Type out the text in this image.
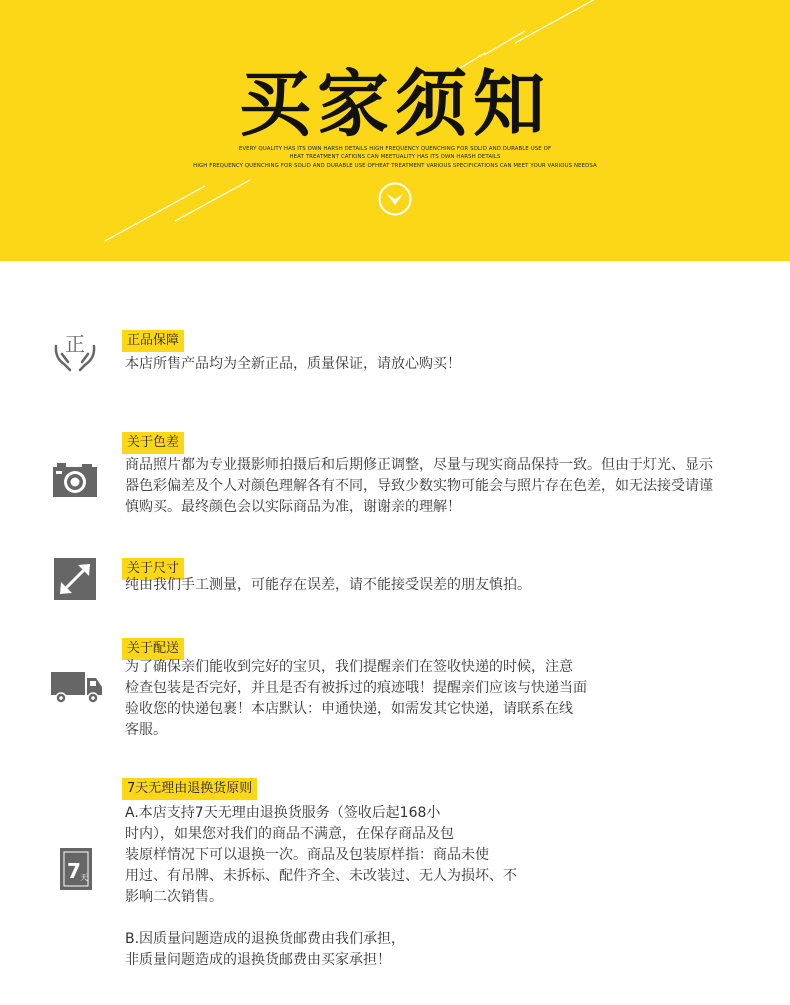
买家须知
EVERY QUALITY HAS ITS OWN HARSH DETAILS HIGH FREQUENCY QUENCHING FOR SOLID AND DURABLE USE OF
HEAT TREATMENT CATIONS CAN MEETUALITY HAS ITS OWN HARSH DETAILS
HIGH FREQUENCY QUENCHING FOR SOLID AND DURABLE USE OFHEAT TREATMENT VARIOUS SPECIFICATIONS CAN MEET YOUR VARIOUS NEEDSA
正	正品保障

本店所售产品均为全新正品，质量保证，请放心购买！

关于色差

商品照片都为专业摄影师拍摄后和后期修正调整，尽量与现实商品保持一致。但由于灯光、显示

器色彩偏差及个人对颜色理解各有不同，导致少数实物可能会与照片存在色差，如无法接受请谨

慎购买。最终颜色会以实际商品为准，谢谢亲的理解！

关于尺寸

纯由我们手工测量，可能存在误差，请不能接受误差的朋友慎拍。

关于配送

为了确保亲们能收到完好的宝贝，我们提醒亲们在签收快递的时候，注意

检查包装是否完好，并且是否有被拆过的痕迹哦！提醒亲们应该与快递当面

验收您的快递包裹！本店默认：申通快递，如需发其它快递，请联系在线

客服。

7 天
7天无理由退换货原则

A.本店支持7天无理由退换货服务（签收后起168小

时内），如果您对我们的商品不满意，在保存商品及包

装原样情况下可以退换一次。商品及包装原样指：商品未使

用过、有吊牌、未拆标、配件齐全、未改装过、无人为损坏、不

影响二次销售。

B.因质量问题造成的退换货邮费由我们承担，

非质量问题造成的退换货邮费由买家承担！
